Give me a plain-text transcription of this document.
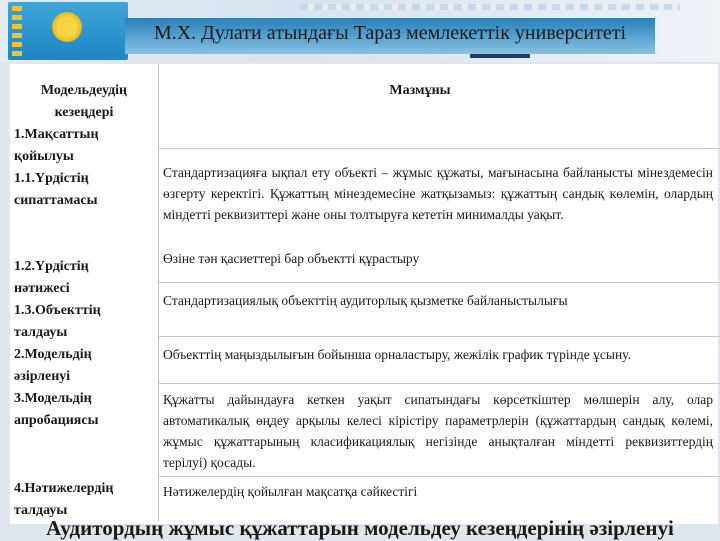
М.Х. Дулати атындағы Тараз мемлекеттік университеті
Модельдеудің
кезеңдері
Мазмұны
1.Мақсаттың
қойылуы
1.1.Үрдістің
сипаттамасы
1.2.Үрдістің
нәтижесі
1.3.Объекттің
талдауы
2.Модельдің
әзірленуі
3.Модельдің
апробациясы
4.Нәтижелердің
талдауы
Стандартизацияға ықпал ету объекті – жұмыс құжаты, мағынасына байланысты мінездемесін өзгерту керектігі. Құжаттың мінездемесіне жатқызамыз: құжаттың сандық көлемін, олардың міндетті реквизиттері және оны толтыруға кететін минималды уақыт.
Өзіне тән қасиеттері бар объектті құрастыру
Стандартизациялық объекттің аудиторлық қызметке байланыстылығы
Объекттің маңыздылығын бойынша орналастыру, жежілік график түрінде ұсыну.
Құжатты дайындауға кеткен уақыт сипатындағы көрсеткіштер мөлшерін алу, олар автоматикалық өңдеу арқылы келесі кірістіру параметрлерін (құжаттардың сандық көлемі, жұмыс құжаттарының класификациялық негізінде анықталған міндетті реквизиттердің терілуі) қосады.
Нәтижелердің қойылған мақсатқа сәйкестігі
Аудитордың жұмыс құжаттарын модельдеу кезеңдерінің әзірленуі
